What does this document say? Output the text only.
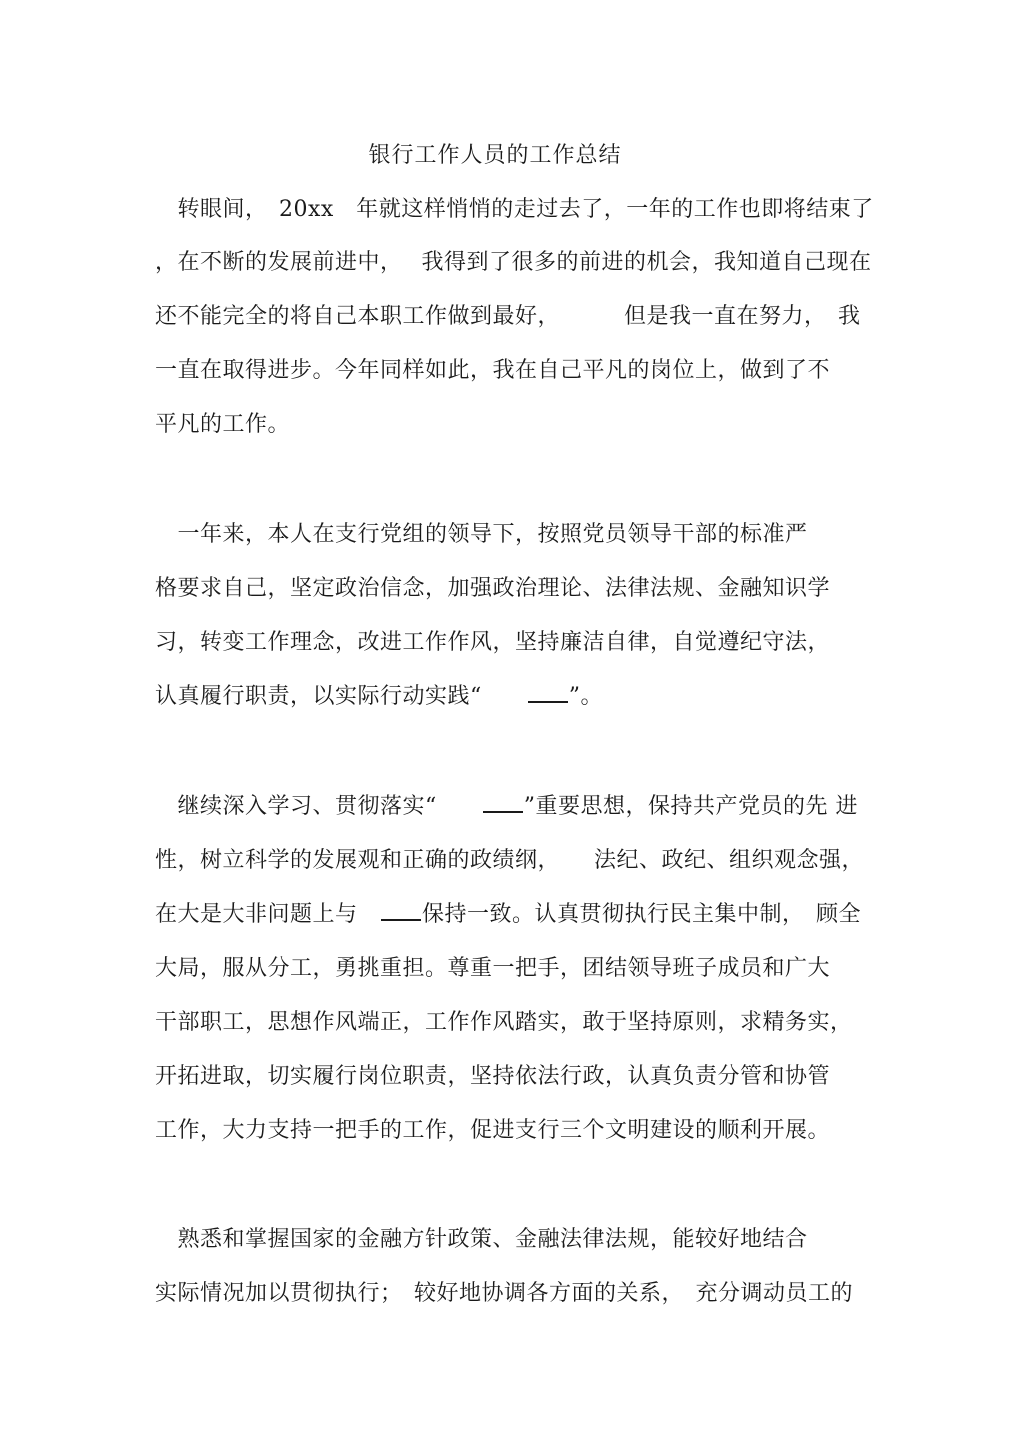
银行工作人员的工作总结
　转眼间，　20xx　年就这样悄悄的走过去了，一年的工作也即将结束了
，在不断的发展前进中，　 我得到了很多的前进的机会，我知道自己现在
还不能完全的将自己本职工作做到最好，　　　 但是我一直在努力，　我
一直在取得进步。今年同样如此，我在自己平凡的岗位上，做到了不
平凡的工作。
　一年来，本人在支行党组的领导下，按照党员领导干部的标准严
格要求自己，坚定政治信念，加强政治理论、法律法规、金融知识学
习，转变工作理念，改进工作作风，坚持廉洁自律，自觉遵纪守法，
认真履行职责，以实际行动实践“　　”。
　继续深入学习、贯彻落实“　　”重要思想，保持共产党员的先 进
性，树立科学的发展观和正确的政绩纲，　　法纪、政纪、组织观念强，
在大是大非问题上与　保持一致。认真贯彻执行民主集中制，　顾全
大局，服从分工，勇挑重担。尊重一把手，团结领导班子成员和广大
干部职工，思想作风端正，工作作风踏实，敢于坚持原则，求精务实，
开拓进取，切实履行岗位职责，坚持依法行政，认真负责分管和协管
工作，大力支持一把手的工作，促进支行三个文明建设的顺利开展。
　熟悉和掌握国家的金融方针政策、金融法律法规，能较好地结合
实际情况加以贯彻执行；　较好地协调各方面的关系，　充分调动员工的
